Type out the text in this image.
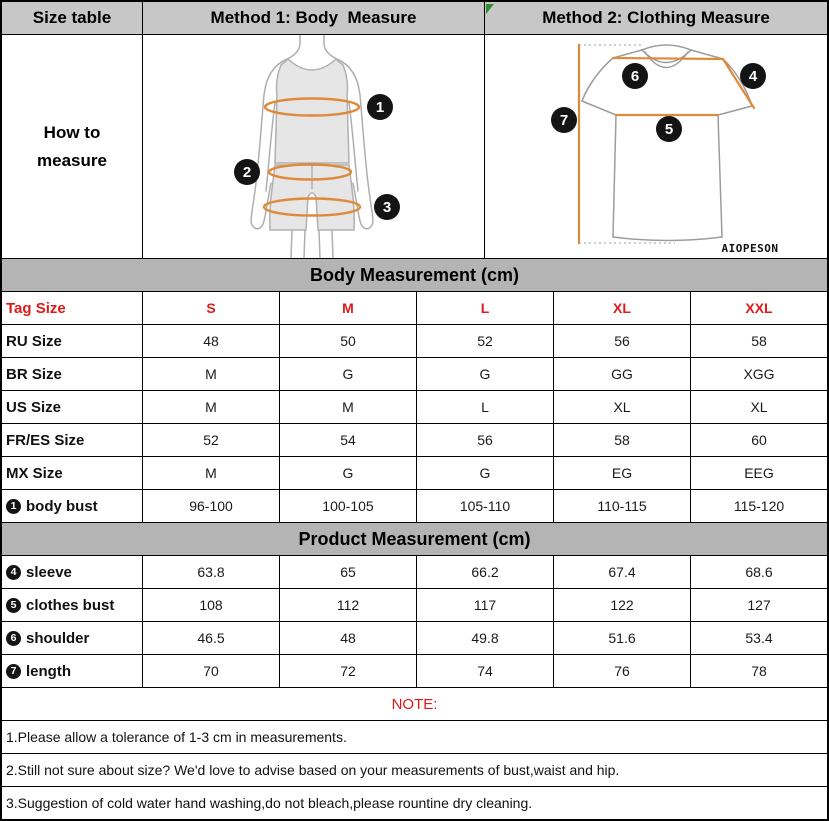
Size table	Method 1: Body  Measure	Method 2: Clothing Measure
How to measure
1
2
3
6	4
5
7
AIOPESON
Body Measurement (cm)
Tag Size	S	M	L	XL	XXL
RU Size	48	50	52	56	58
BR Size	M	G	G	GG	XGG
US Size	M	M	L	XL	XL
FR/ES Size	52	54	56	58	60
MX Size	M	G	G	EG	EEG
1 body bust	96-100	100-105	105-110	110-115	115-120
Product Measurement (cm)
4 sleeve	63.8	65	66.2	67.4	68.6
5 clothes bust	108	112	117	122	127
6 shoulder	46.5	48	49.8	51.6	53.4
7 length	70	72	74	76	78
NOTE:
1.Please allow a tolerance of 1-3 cm in measurements.
2.Still not sure about size? We'd love to advise based on your measurements of bust,waist and hip.
3.Suggestion of cold water hand washing,do not bleach,please rountine dry cleaning.
